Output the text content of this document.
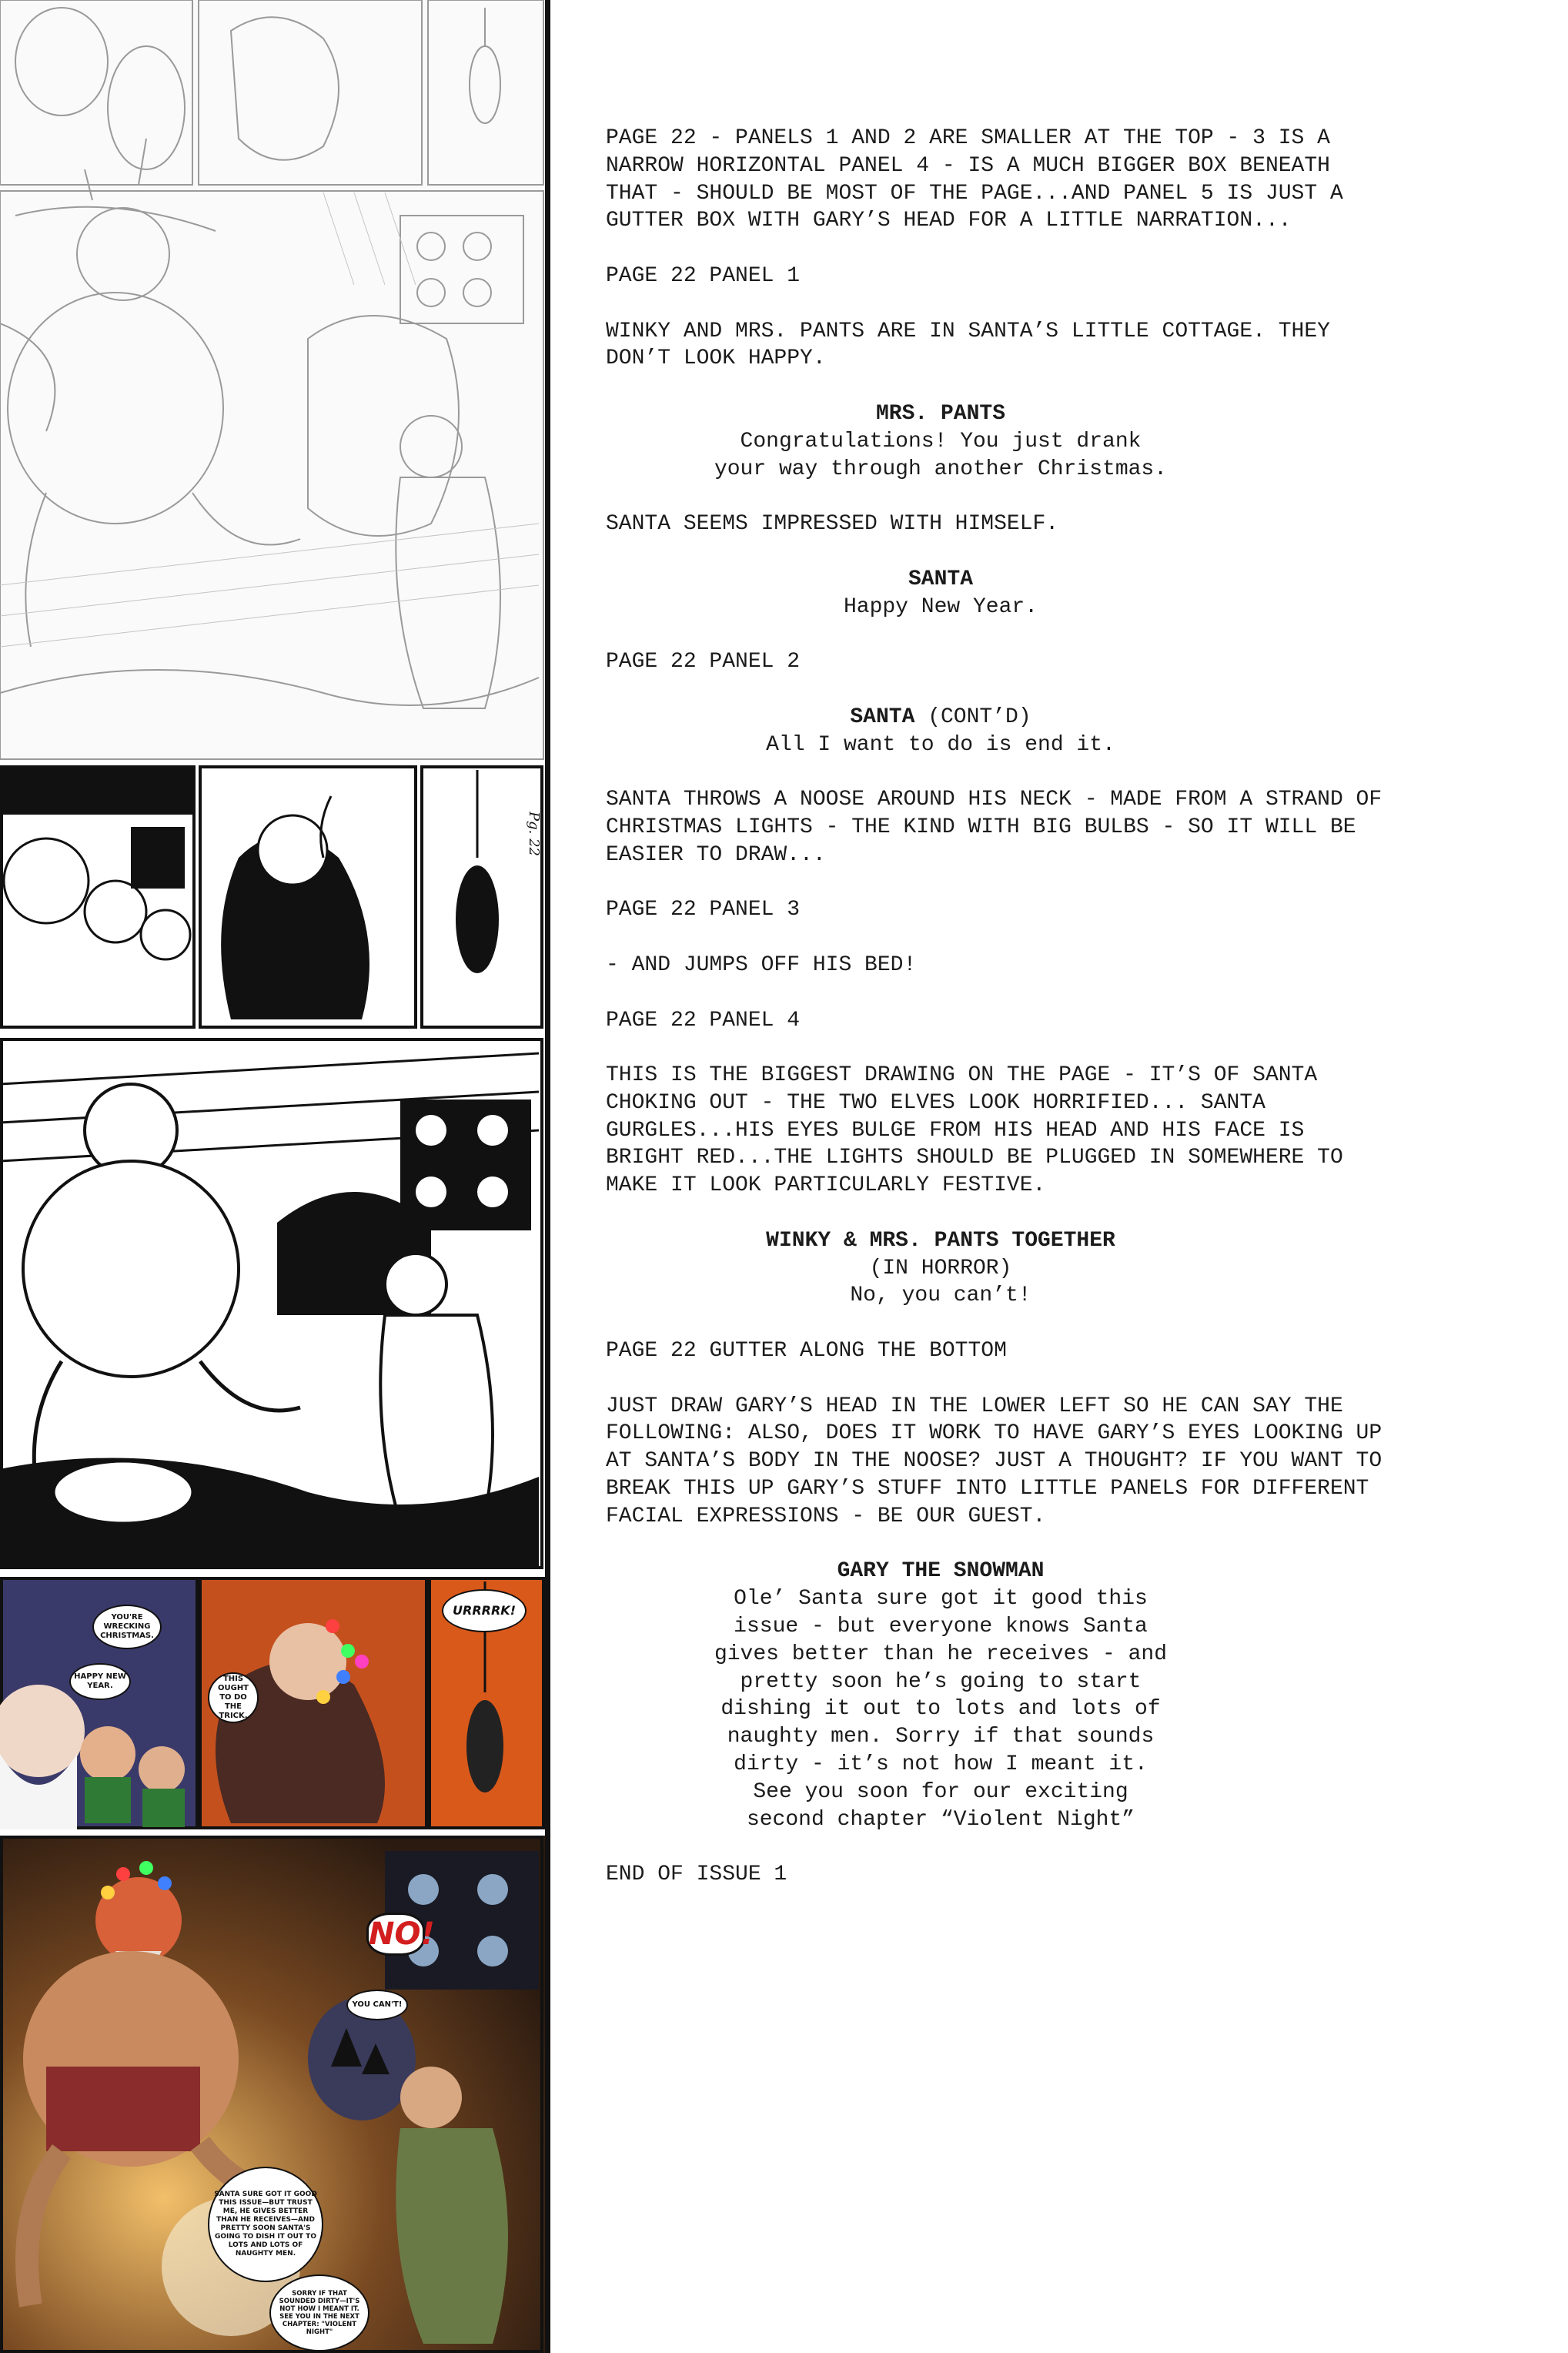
Pg. 22
YOU'RE WRECKING CHRISTMAS.
HAPPY NEW YEAR.
THIS OUGHT TO DO THE TRICK.
URRRRK!
NO!
YOU CAN'T!
SANTA SURE GOT IT GOOD THIS ISSUE—BUT TRUST ME, HE GIVES BETTER THAN HE RECEIVES—AND PRETTY SOON SANTA'S GOING TO DISH IT OUT TO LOTS AND LOTS OF NAUGHTY MEN.
SORRY IF THAT SOUNDED DIRTY—IT'S NOT HOW I MEANT IT. SEE YOU IN THE NEXT CHAPTER: "VIOLENT NIGHT"
PAGE 22 - PANELS 1 AND 2 ARE SMALLER AT THE TOP - 3 IS A
NARROW HORIZONTAL PANEL 4 - IS A MUCH BIGGER BOX BENEATH
THAT - SHOULD BE MOST OF THE PAGE...AND PANEL 5 IS JUST A
GUTTER BOX WITH GARY’S HEAD FOR A LITTLE NARRATION...
PAGE 22 PANEL 1
WINKY AND MRS. PANTS ARE IN SANTA’S LITTLE COTTAGE. THEY
DON’T LOOK HAPPY.
MRS. PANTS
Congratulations! You just drank
your way through another Christmas.
SANTA SEEMS IMPRESSED WITH HIMSELF.
SANTA
Happy New Year.
PAGE 22 PANEL 2
SANTA (CONT’D)
All I want to do is end it.
SANTA THROWS A NOOSE AROUND HIS NECK - MADE FROM A STRAND OF
CHRISTMAS LIGHTS - THE KIND WITH BIG BULBS - SO IT WILL BE
EASIER TO DRAW...
PAGE 22 PANEL 3
- AND JUMPS OFF HIS BED!
PAGE 22 PANEL 4
THIS IS THE BIGGEST DRAWING ON THE PAGE - IT’S OF SANTA
CHOKING OUT - THE TWO ELVES LOOK HORRIFIED... SANTA
GURGLES...HIS EYES BULGE FROM HIS HEAD AND HIS FACE IS
BRIGHT RED...THE LIGHTS SHOULD BE PLUGGED IN SOMEWHERE TO
MAKE IT LOOK PARTICULARLY FESTIVE.
WINKY & MRS. PANTS TOGETHER
(IN HORROR)
No, you can’t!
PAGE 22 GUTTER ALONG THE BOTTOM
JUST DRAW GARY’S HEAD IN THE LOWER LEFT SO HE CAN SAY THE
FOLLOWING: ALSO, DOES IT WORK TO HAVE GARY’S EYES LOOKING UP
AT SANTA’S BODY IN THE NOOSE? JUST A THOUGHT? IF YOU WANT TO
BREAK THIS UP GARY’S STUFF INTO LITTLE PANELS FOR DIFFERENT
FACIAL EXPRESSIONS - BE OUR GUEST.
GARY THE SNOWMAN
Ole’ Santa sure got it good this
issue - but everyone knows Santa
gives better than he receives - and
pretty soon he’s going to start
dishing it out to lots and lots of
naughty men. Sorry if that sounds
dirty - it’s not how I meant it.
See you soon for our exciting
second chapter “Violent Night”
END OF ISSUE 1
